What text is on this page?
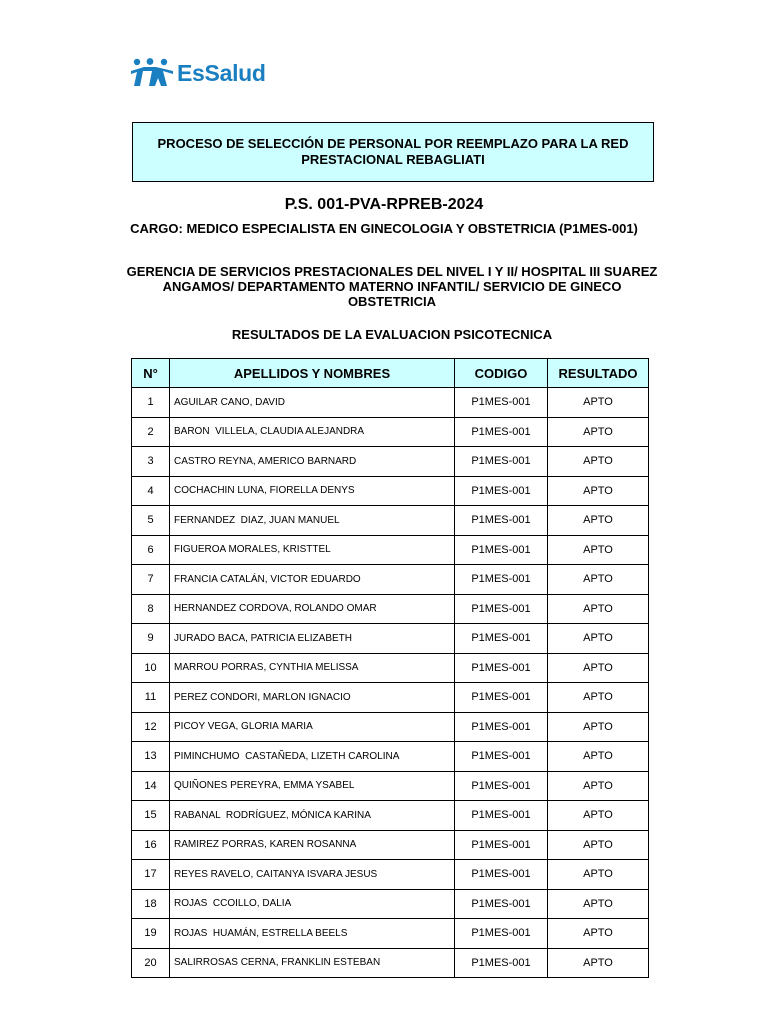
EsSalud
PROCESO DE SELECCIÓN DE PERSONAL POR REEMPLAZO PARA LA RED PRESTACIONAL REBAGLIATI
P.S. 001-PVA-RPREB-2024
CARGO: MEDICO ESPECIALISTA EN GINECOLOGIA Y OBSTETRICIA (P1MES-001)
GERENCIA DE SERVICIOS PRESTACIONALES DEL NIVEL I Y II/ HOSPITAL III SUAREZ ANGAMOS/ DEPARTAMENTO MATERNO INFANTIL/ SERVICIO DE GINECO OBSTETRICIA
RESULTADOS DE LA EVALUACION PSICOTECNICA
N°	APELLIDOS Y NOMBRES	CODIGO	RESULTADO
1	AGUILAR CANO, DAVID	P1MES-001	APTO
2	BARON  VILLELA, CLAUDIA ALEJANDRA	P1MES-001	APTO
3	CASTRO REYNA, AMERICO BARNARD	P1MES-001	APTO
4	COCHACHIN LUNA, FIORELLA DENYS	P1MES-001	APTO
5	FERNANDEZ  DIAZ, JUAN MANUEL	P1MES-001	APTO
6	FIGUEROA MORALES, KRISTTEL	P1MES-001	APTO
7	FRANCIA CATALÁN, VICTOR EDUARDO	P1MES-001	APTO
8	HERNANDEZ CORDOVA, ROLANDO OMAR	P1MES-001	APTO
9	JURADO BACA, PATRICIA ELIZABETH	P1MES-001	APTO
10	MARROU PORRAS, CYNTHIA MELISSA	P1MES-001	APTO
11	PEREZ CONDORI, MARLON IGNACIO	P1MES-001	APTO
12	PICOY VEGA, GLORIA MARIA	P1MES-001	APTO
13	PIMINCHUMO  CASTAÑEDA, LIZETH CAROLINA	P1MES-001	APTO
14	QUIÑONES PEREYRA, EMMA YSABEL	P1MES-001	APTO
15	RABANAL  RODRÍGUEZ, MÓNICA KARINA	P1MES-001	APTO
16	RAMIREZ PORRAS, KAREN ROSANNA	P1MES-001	APTO
17	REYES RAVELO, CAITANYA ISVARA JESUS	P1MES-001	APTO
18	ROJAS  CCOILLO, DALIA	P1MES-001	APTO
19	ROJAS  HUAMÁN, ESTRELLA BEELS	P1MES-001	APTO
20	SALIRROSAS CERNA, FRANKLIN ESTEBAN	P1MES-001	APTO
